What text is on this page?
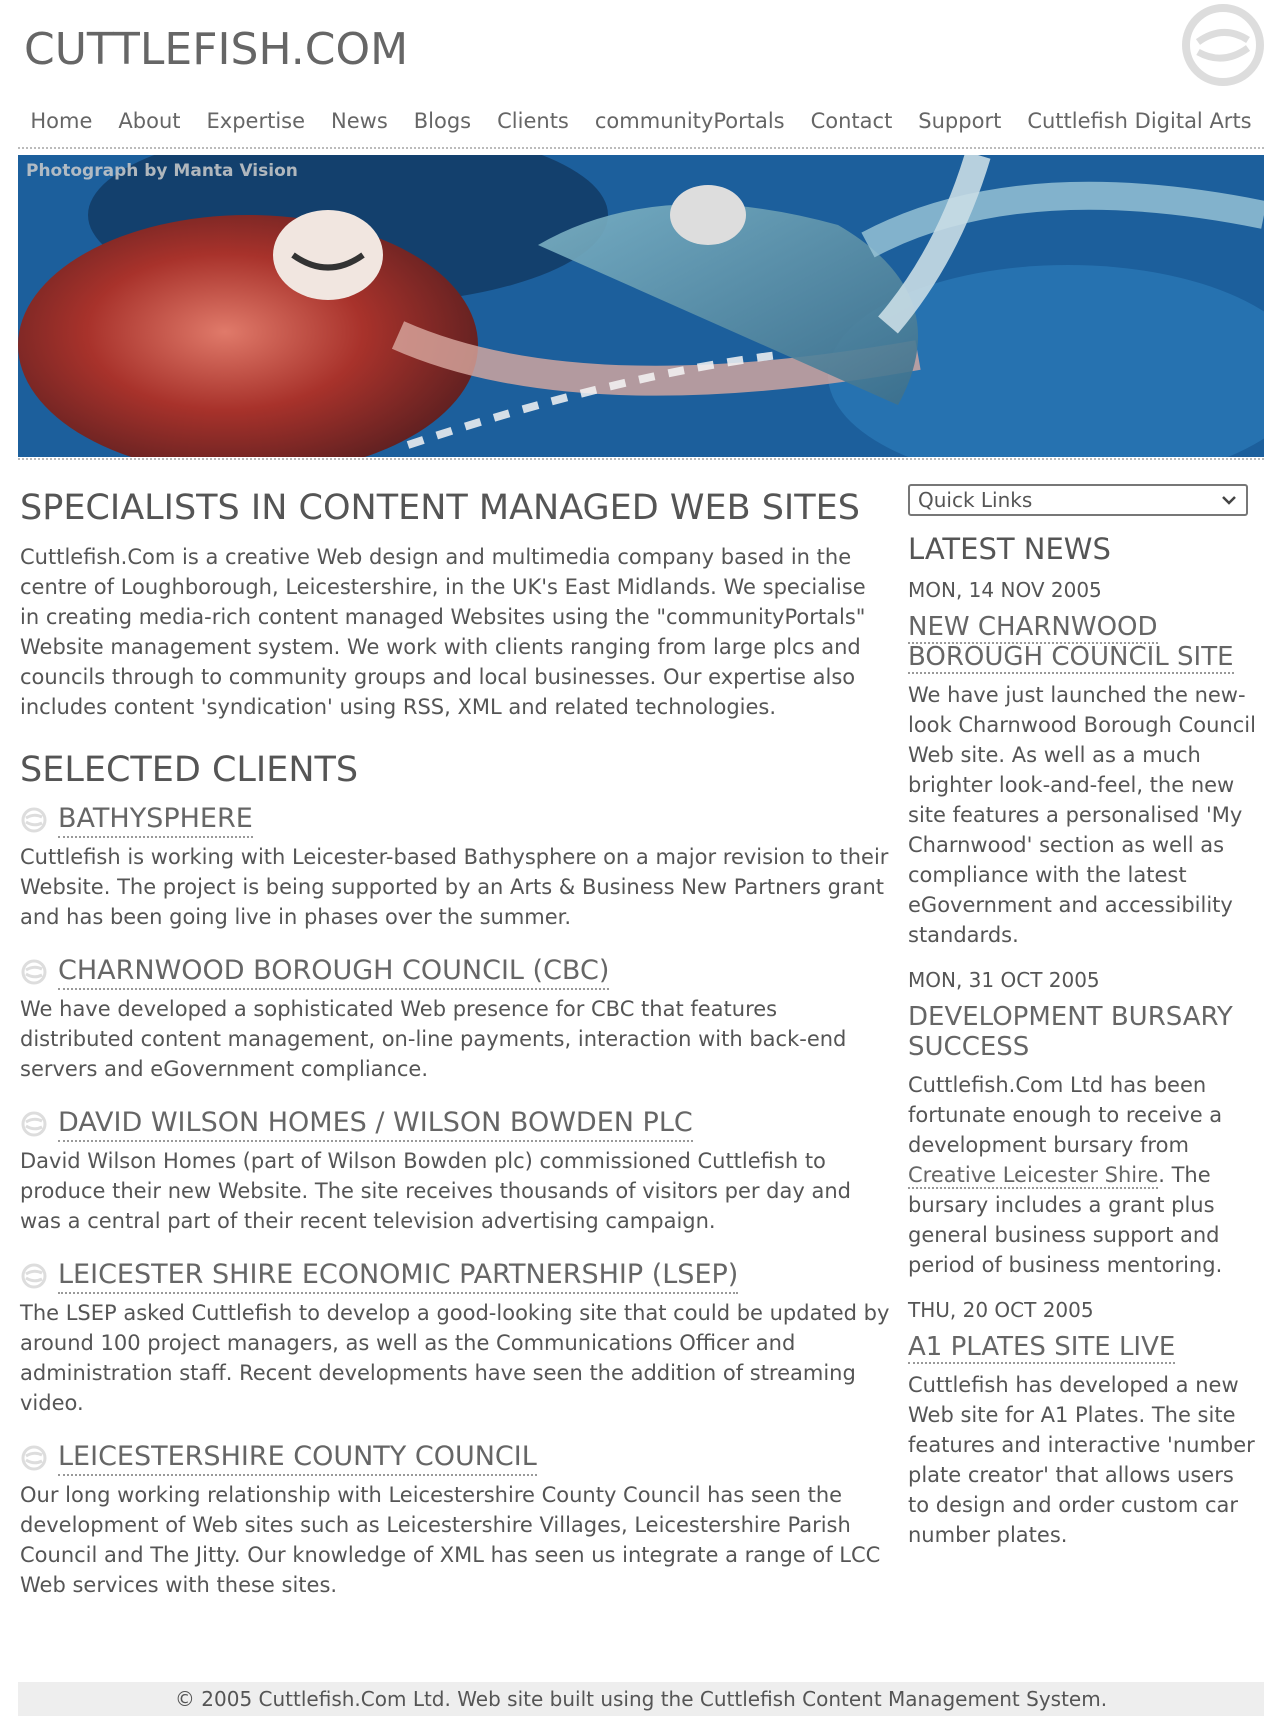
CUTTLEFISH.COM
Home	About	Expertise	News	Blogs	Clients	communityPortals	Contact	Support	Cuttlefish Digital Arts
Photograph by Manta Vision
SPECIALISTS IN CONTENT MANAGED WEB SITES

Cuttlefish.Com is a creative Web design and multimedia company based in the centre of Loughborough, Leicestershire, in the UK's East Midlands. We specialise in creating media-rich content managed Websites using the "communityPortals" Website management system. We work with clients ranging from large plcs and councils through to community groups and local businesses. Our expertise also includes content 'syndication' using RSS, XML and related technologies.

SELECTED CLIENTS
BATHYSPHERE

Cuttlefish is working with Leicester-based Bathysphere on a major revision to their Website. The project is being supported by an Arts & Business New Partners grant and has been going live in phases over the summer.

CHARNWOOD BOROUGH COUNCIL (CBC)

We have developed a sophisticated Web presence for CBC that features distributed content management, on-line payments, interaction with back-end servers and eGovernment compliance.

DAVID WILSON HOMES / WILSON BOWDEN PLC

David Wilson Homes (part of Wilson Bowden plc) commissioned Cuttlefish to produce their new Website. The site receives thousands of visitors per day and was a central part of their recent television advertising campaign.

LEICESTER SHIRE ECONOMIC PARTNERSHIP (LSEP)

The LSEP asked Cuttlefish to develop a good-looking site that could be updated by around 100 project managers, as well as the Communications Officer and administration staff. Recent developments have seen the addition of streaming video.

LEICESTERSHIRE COUNTY COUNCIL

Our long working relationship with Leicestershire County Council has seen the development of Web sites such as Leicestershire Villages, Leicestershire Parish Council and The Jitty. Our knowledge of XML has seen us integrate a range of LCC Web services with these sites.

Quick Links
LATEST NEWS
MON, 14 NOV 2005
NEW CHARNWOOD BOROUGH COUNCIL SITE

We have just launched the new-look Charnwood Borough Council Web site. As well as a much brighter look-and-feel, the new site features a personalised 'My Charnwood' section as well as compliance with the latest eGovernment and accessibility standards.

MON, 31 OCT 2005
DEVELOPMENT BURSARY SUCCESS

Cuttlefish.Com Ltd has been fortunate enough to receive a development bursary from Creative Leicester Shire. The bursary includes a grant plus general business support and period of business mentoring.

THU, 20 OCT 2005
A1 PLATES SITE LIVE

Cuttlefish has developed a new Web site for A1 Plates. The site features and interactive 'number plate creator' that allows users to design and order custom car number plates.

© 2005 Cuttlefish.Com Ltd. Web site built using the Cuttlefish Content Management System.
